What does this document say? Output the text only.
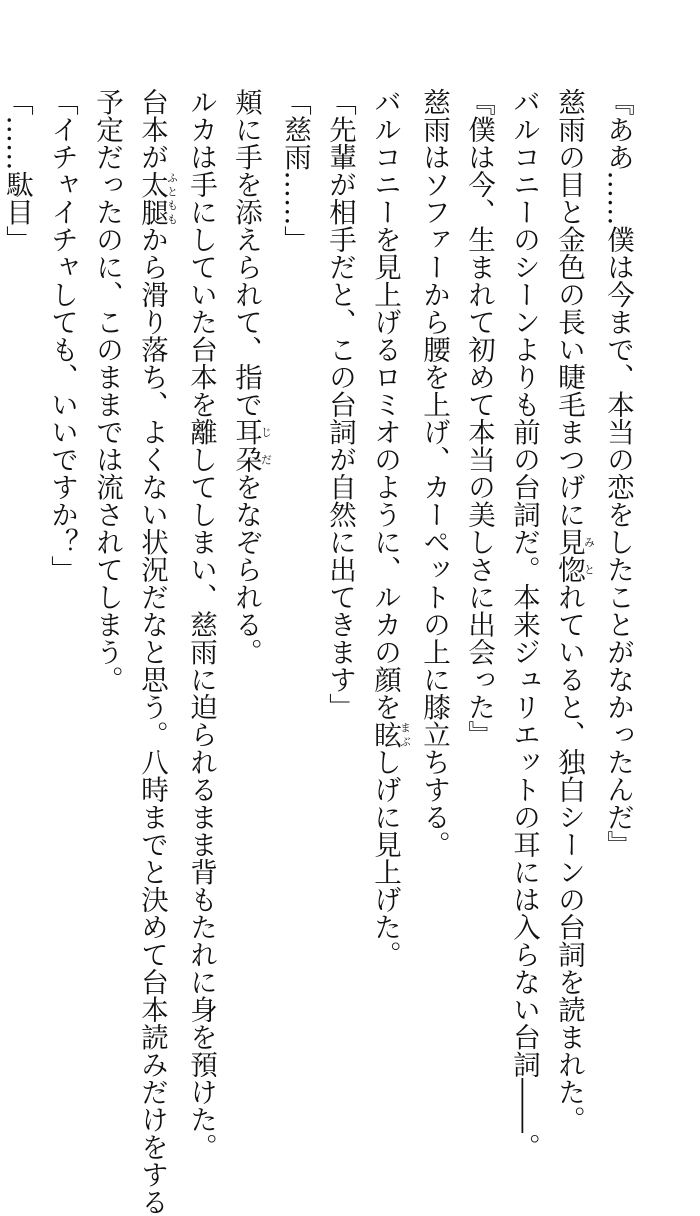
『ああ……僕は今まで、本当の恋をしたことがなかったんだ』

慈雨の目と金色の長い睫毛まつげに見惚みとれていると、独白シーンの台詞を読まれた。

バルコニーのシーンよりも前の台詞だ。本来ジュリエットの耳には入らない台詞――。

『僕は今、生まれて初めて本当の美しさに出会った』

慈雨はソファーから腰を上げ、カーペットの上に膝立ちする。

バルコニーを見上げるロミオのように、ルカの顔を眩まぶしげに見上げた。

「先輩が相手だと、この台詞が自然に出てきます」

「慈雨……」

頬に手を添えられて、指で耳朶じだをなぞられる。

ルカは手にしていた台本を離してしまい、慈雨に迫られるまま背もたれに身を預けた。

台本が太腿ふとももから滑り落ち、よくない状況だなと思う。八時までと決めて台本読みだけをする

予定だったのに、このままでは流されてしまう。

「イチャイチャしても、いいですか？」

「……駄目」
